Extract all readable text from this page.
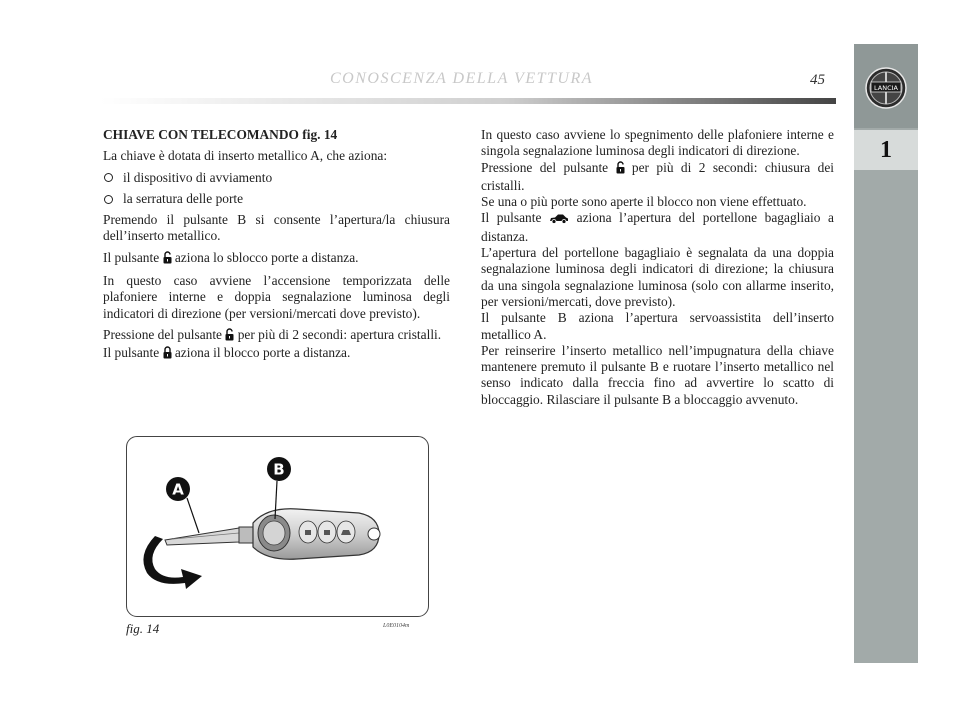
CONOSCENZA DELLA VETTURA	45	LANCIA
1

CHIAVE CON TELECOMANDO fig. 14

La chiave è dotata di inserto metallico A, che aziona:

il dispositivo di avviamento

la serratura delle porte

Premendo il pulsante B si consente l’apertura/la chiusura dell’inserto metallico.

Il pulsante  aziona lo sblocco porte a distanza.

In questo caso avviene l’accensione temporizzata delle plafoniere interne e doppia segnalazione luminosa degli indicatori di direzione (per versioni/mercati dove previsto).

Pressione del pulsante  per più di 2 secondi: apertura cristalli.

Il pulsante  aziona il blocco porte a distanza.

In questo caso avviene lo spegnimento delle plafoniere interne e singola segnalazione luminosa degli indicatori di direzione.

Pressione del pulsante  per più di 2 secondi: chiusura dei cristalli.

Se una o più porte sono aperte il blocco non viene effettuato.

Il pulsante  aziona l’apertura del portellone bagagliaio a distanza.

L’apertura del portellone bagagliaio è segnalata da una doppia segnalazione luminosa degli indicatori di direzione; la chiusura da una singola segnalazione luminosa (solo con allarme inserito, per versioni/mercati, dove previsto).

Il pulsante B aziona l’apertura servoassistita dell’inserto metallico A.

Per reinserire l’inserto metallico nell’impugnatura della chiave mantenere premuto il pulsante B e ruotare l’inserto metallico nel senso indicato dalla freccia fino ad avvertire lo scatto di bloccaggio. Rilasciare il pulsante B a bloccaggio avvenuto.

A
B
fig. 14	L0E0104m
